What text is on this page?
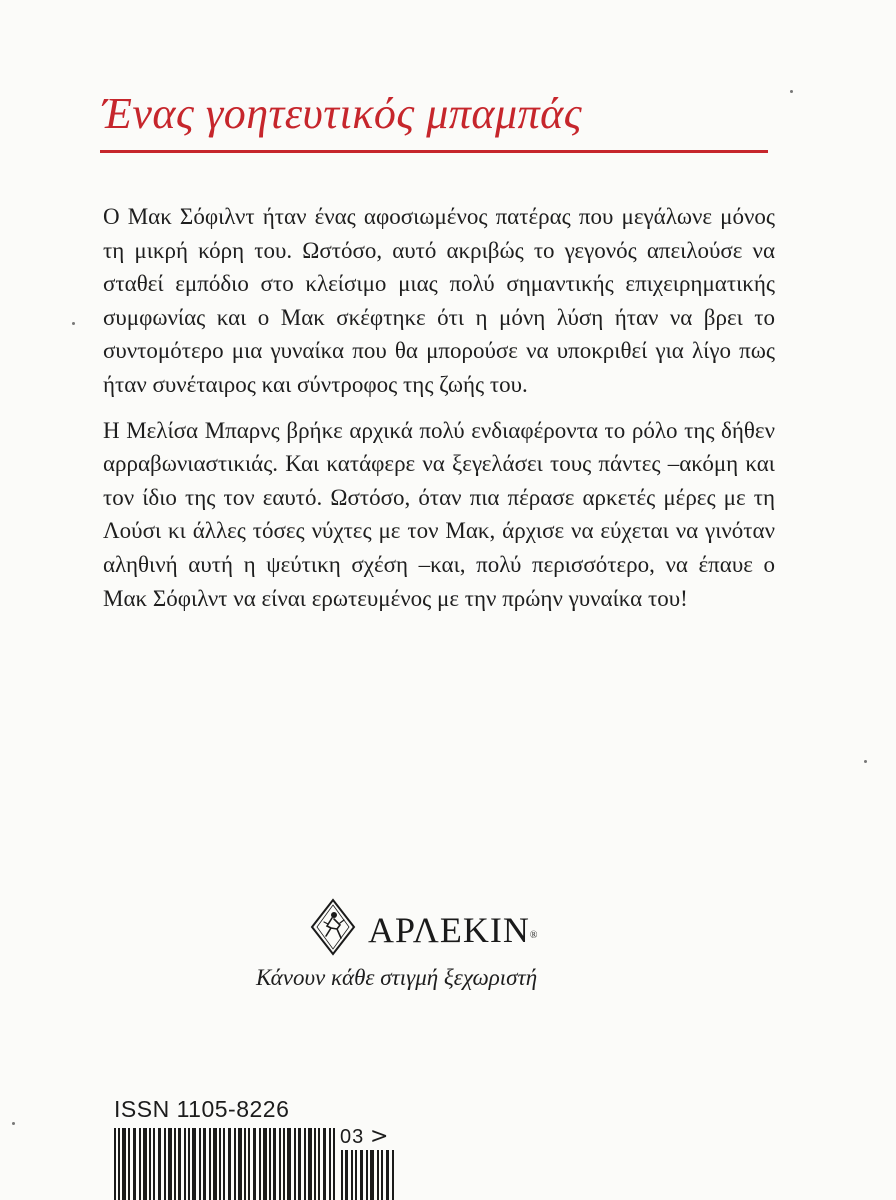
Ένας γοητευτικός μπαμπάς

Ο Μακ Σόφιλντ ήταν ένας αφοσιωμένος πατέρας που μεγάλωνε μόνος τη μικρή κόρη του. Ωστόσο, αυτό ακριβώς το γεγονός απειλούσε να σταθεί εμπόδιο στο κλείσιμο μιας πολύ σημαντικής επιχειρηματικής συμφωνίας και ο Μακ σκέφτηκε ότι η μόνη λύση ήταν να βρει το συντομότερο μια γυναίκα που θα μπορούσε να υποκριθεί για λίγο πως ήταν συνέταιρος και σύντροφος της ζωής του.

Η Μελίσα Μπαρνς βρήκε αρχικά πολύ ενδιαφέροντα το ρόλο της δήθεν αρραβωνιαστικιάς. Και κατάφερε να ξεγελάσει τους πάντες –ακόμη και τον ίδιο της τον εαυτό. Ωστόσο, όταν πια πέρασε αρκετές μέρες με τη Λούσι κι άλλες τόσες νύχτες με τον Μακ, άρχισε να εύχεται να γινόταν αληθινή αυτή η ψεύτικη σχέση –και, πολύ περισσότερο, να έπαυε ο Μακ Σόφιλντ να είναι ερωτευμένος με την πρώην γυναίκα του!

ΑΡΛΕΚΙΝ®
Κάνουν κάθε στιγμή ξεχωριστή
ISSN 1105-8226
03 >
